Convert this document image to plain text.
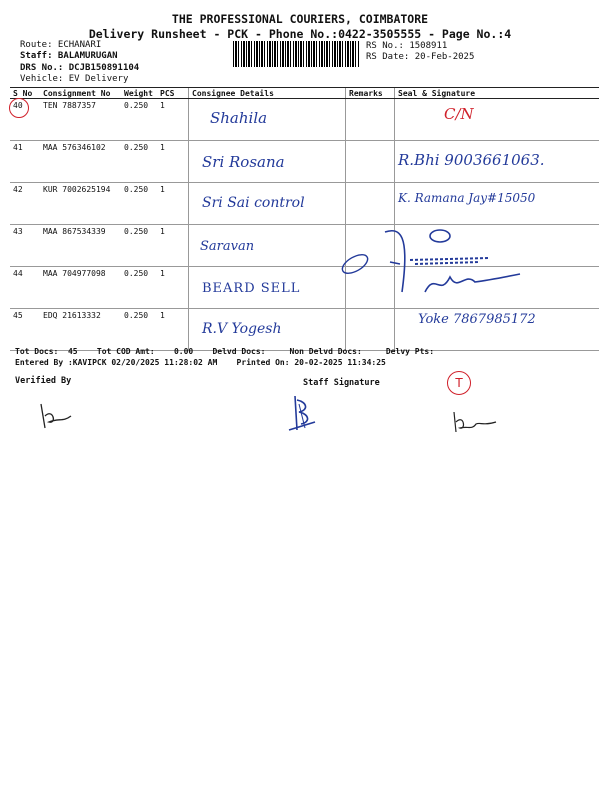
THE PROFESSIONAL COURIERS, COIMBATORE
Delivery Runsheet - PCK - Phone No.:0422-3505555 - Page No.:4
Route: ECHANARI
Staff: BALAMURUGAN
DRS No.: DCJB150891104
Vehicle: EV Delivery
RS No.: 1508911
RS Date: 20-Feb-2025
S No	Consignment No	Weight	PCS	Consignee Details	Remarks	Seal & Signature
40	TEN 7887357	0.250	1	Shahila		C/N

41	MAA 576346102	0.250	1	Sri Rosana		R.Bhi 9003661063.

42	KUR 7002625194	0.250	1	Sri Sai control		K. Ramana Jay#15050

43	MAA 867534339	0.250	1	Saravan		

44	MAA 704977098	0.250	1	BEARD SELL		

45	EDQ 21613332	0.250	1	R.V Yogesh		Yoke 7867985172
Tot Docs:  45    Tot COD Amt:    0.00    Delvd Docs:     Non Delvd Docs:     Delvy Pts:
Entered By :KAVIPCK 02/20/2025 11:28:02 AM    Printed On: 20-02-2025 11:34:25
Verified By	Staff Signature	T
